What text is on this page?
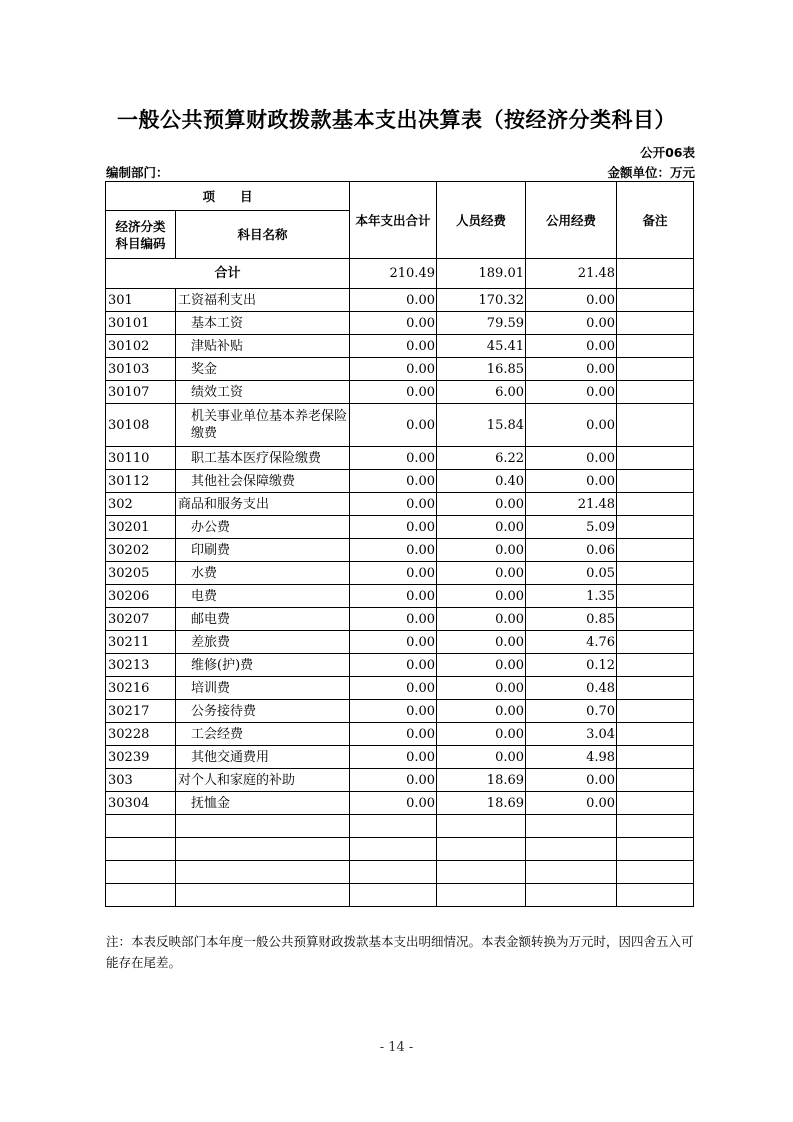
一般公共预算财政拨款基本支出决算表（按经济分类科目）
公开06表
编制部门：	金额单位：万元
项　　目		本年支出合计	人员经费	公用经费	备注

经济分类
科目编码	科目名称				
合计		210.49	189.01	21.48	
301	工资福利支出	0.00	170.32	0.00	
30101	基本工资	0.00	79.59	0.00	
30102	津贴补贴	0.00	45.41	0.00	
30103	奖金	0.00	16.85	0.00	
30107	绩效工资	0.00	6.00	0.00	
30108	机关事业单位基本养老保险缴费	0.00	15.84	0.00	
30110	职工基本医疗保险缴费	0.00	6.22	0.00	
30112	其他社会保障缴费	0.00	0.40	0.00	
302	商品和服务支出	0.00	0.00	21.48	
30201	办公费	0.00	0.00	5.09	
30202	印刷费	0.00	0.00	0.06	
30205	水费	0.00	0.00	0.05	
30206	电费	0.00	0.00	1.35	
30207	邮电费	0.00	0.00	0.85	
30211	差旅费	0.00	0.00	4.76	
30213	维修(护)费	0.00	0.00	0.12	
30216	培训费	0.00	0.00	0.48	
30217	公务接待费	0.00	0.00	0.70	
30228	工会经费	0.00	0.00	3.04	
30239	其他交通费用	0.00	0.00	4.98	
303	对个人和家庭的补助	0.00	18.69	0.00	
30304	抚恤金	0.00	18.69	0.00	

注：本表反映部门本年度一般公共预算财政拨款基本支出明细情况。本表金额转换为万元时，因四舍五入可能存在尾差。
- 14 -
